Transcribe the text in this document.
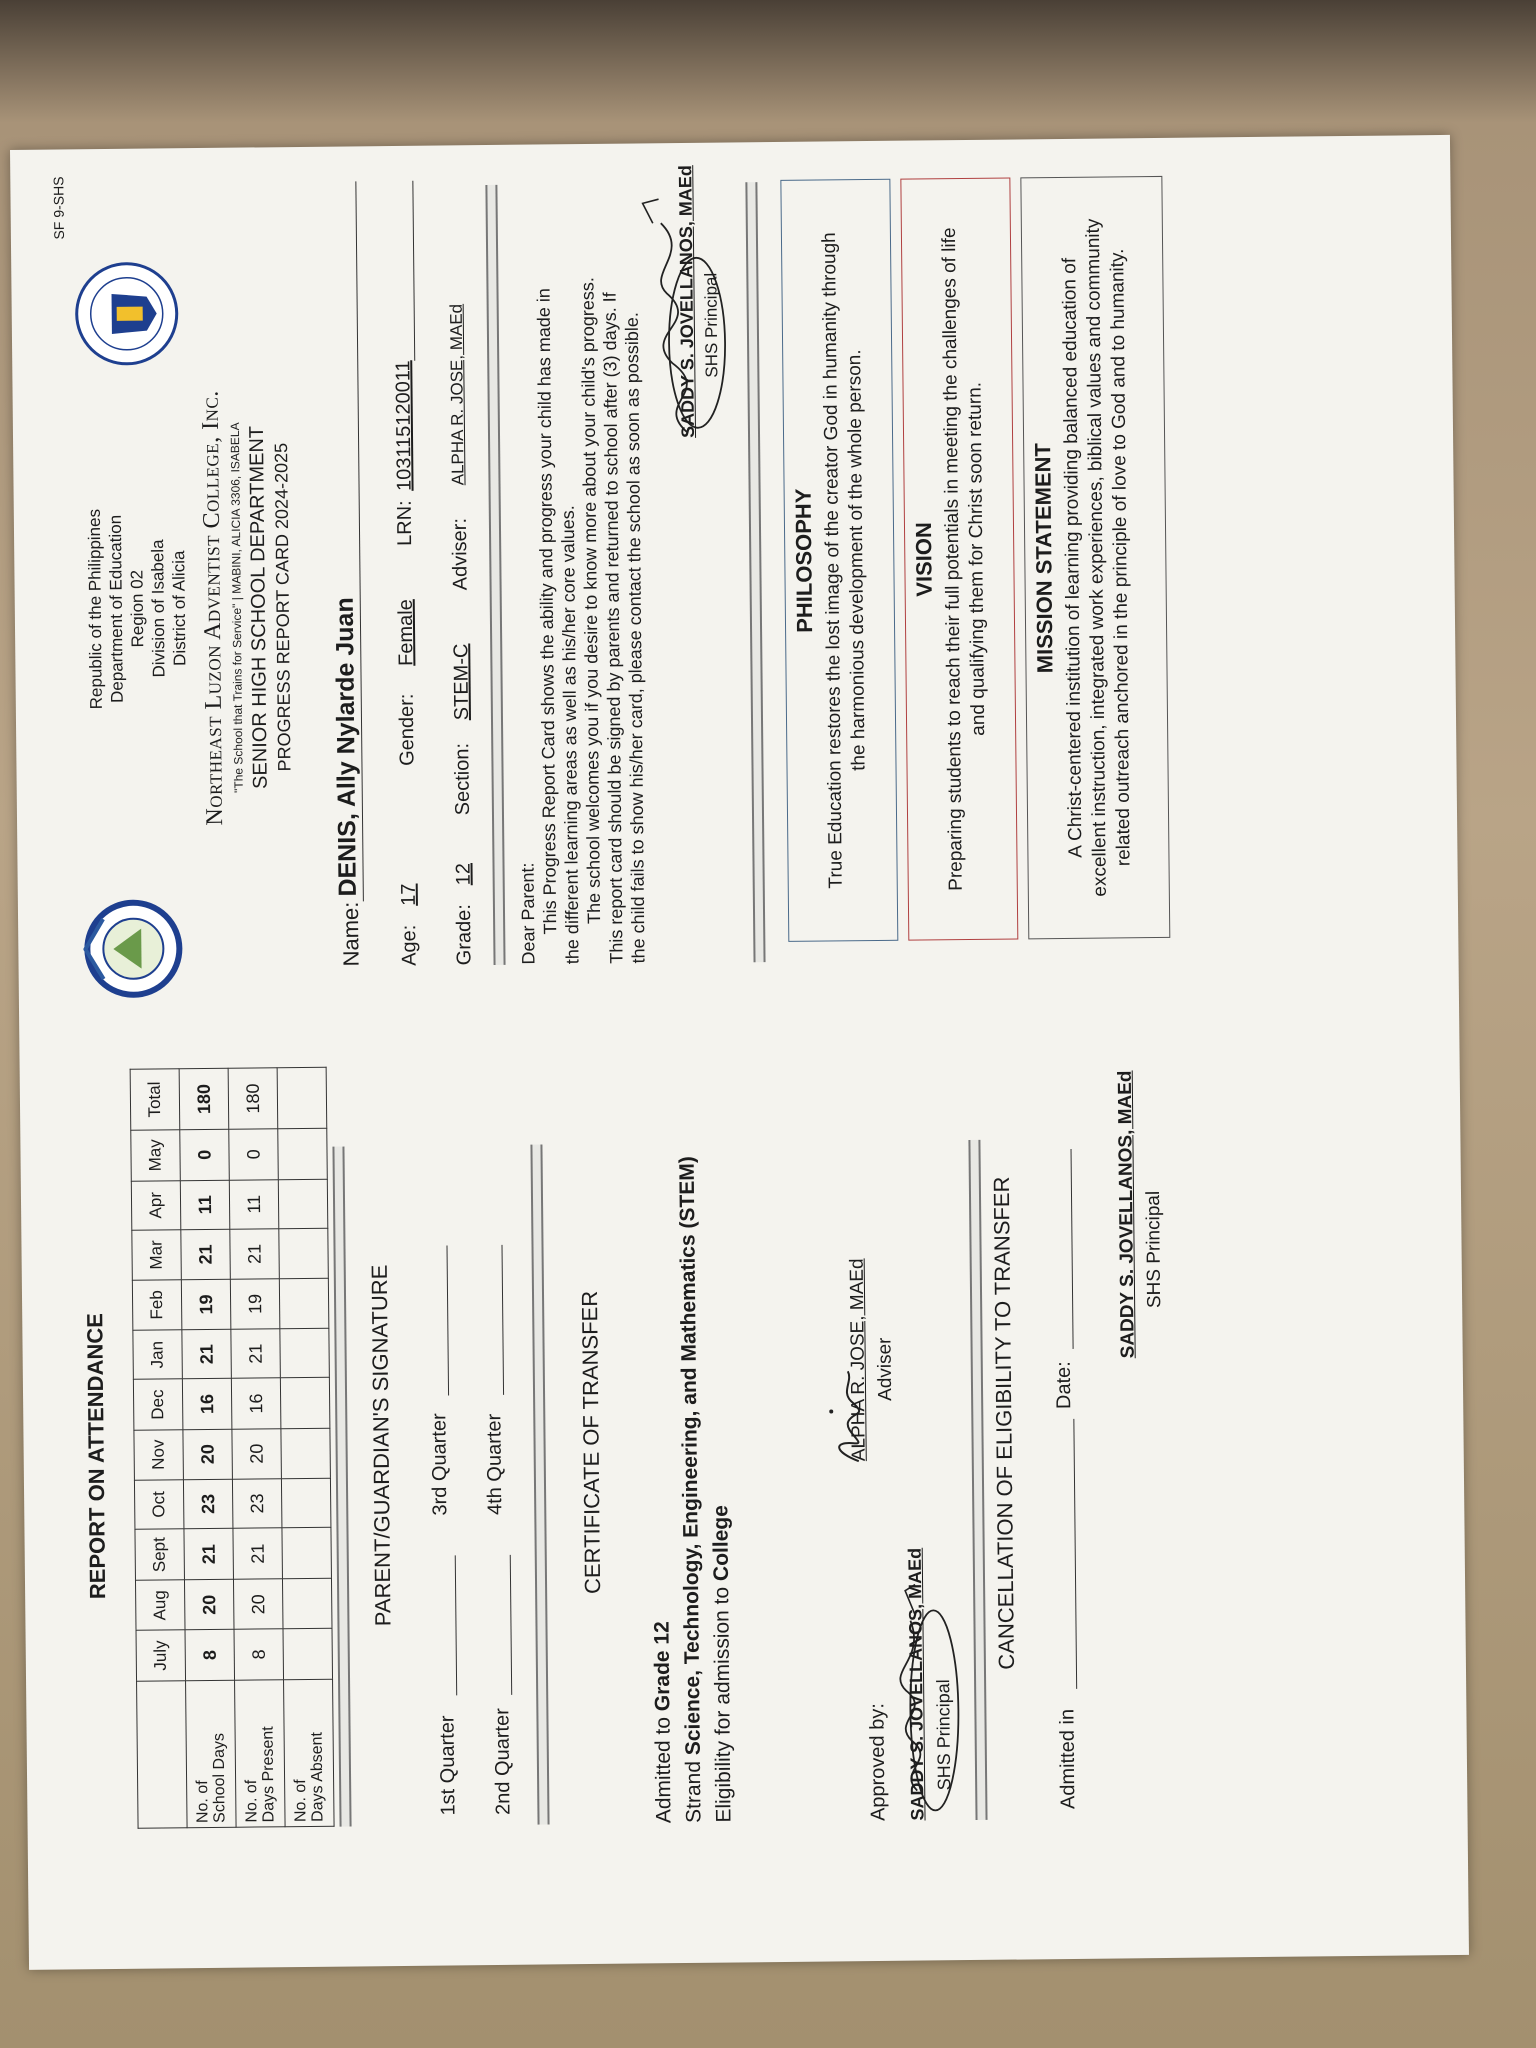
REPORT ON ATTENDANCE
	July	Aug	Sept	Oct	Nov	Dec	Jan	Feb	Mar	Apr	May	Total
No. of
School Days	8	20	21	23	20	16	21	19	21	11	0	180
No. of
Days Present	8	20	21	23	20	16	21	19	21	11	0	180
No. of
Days Absent												
PARENT/GUARDIAN'S SIGNATURE
1st Quarter
3rd Quarter
2nd Quarter
4th Quarter	CERTIFICATE OF TRANSFER
Admitted to Grade 12
Strand Science, Technology, Engineering, and Mathematics (STEM) Eligibility for admission to College
ALPHA R. JOSE, MAEd Adviser
Approved by: SADDY S. JOVELLANOS, MAEd SHS Principal
CANCELLATION OF ELIGIBILITY TO TRANSFER
Admitted in
Date:
SADDY S. JOVELLANOS, MAEd SHS Principal
SF 9-SHS
Republic of the Philippines Department of Education Region 02 Division of Isabela District of Alicia Northeast Luzon Adventist College, Inc. "The School that Trains for Service" | MABINI, ALICIA 3306, ISABELA SENIOR HIGH SCHOOL DEPARTMENT PROGRESS REPORT CARD 2024-2025
Name:
DENIS, Ally Nylarde Juan
Age:
17
Gender:
Female
LRN:
103115120011
Grade:
12
Section:
STEM-C
Adviser:
ALPHA R. JOSE, MAEd
Dear Parent:
This Progress Report Card shows the ability and progress your child has made in
the different learning areas as well as his/her core values.
The school welcomes you if you desire to know more about your child's progress.
This report card should be signed by parents and returned to school after (3) days. If
the child fails to show his/her card, please contact the school as soon as possible.
SADDY S. JOVELLANOS, MAEd SHS Principal
PHILOSOPHY True Education restores the lost image of the creator God in humanity through
the harmonious development of the whole person.	VISION Preparing students to reach their full potentials in meeting the challenges of life
and qualifying them for Christ soon return.	MISSION STATEMENT A Christ-centered institution of learning providing balanced education of
excellent instruction, integrated work experiences, biblical values and community
related outreach anchored in the principle of love to God and to humanity.
